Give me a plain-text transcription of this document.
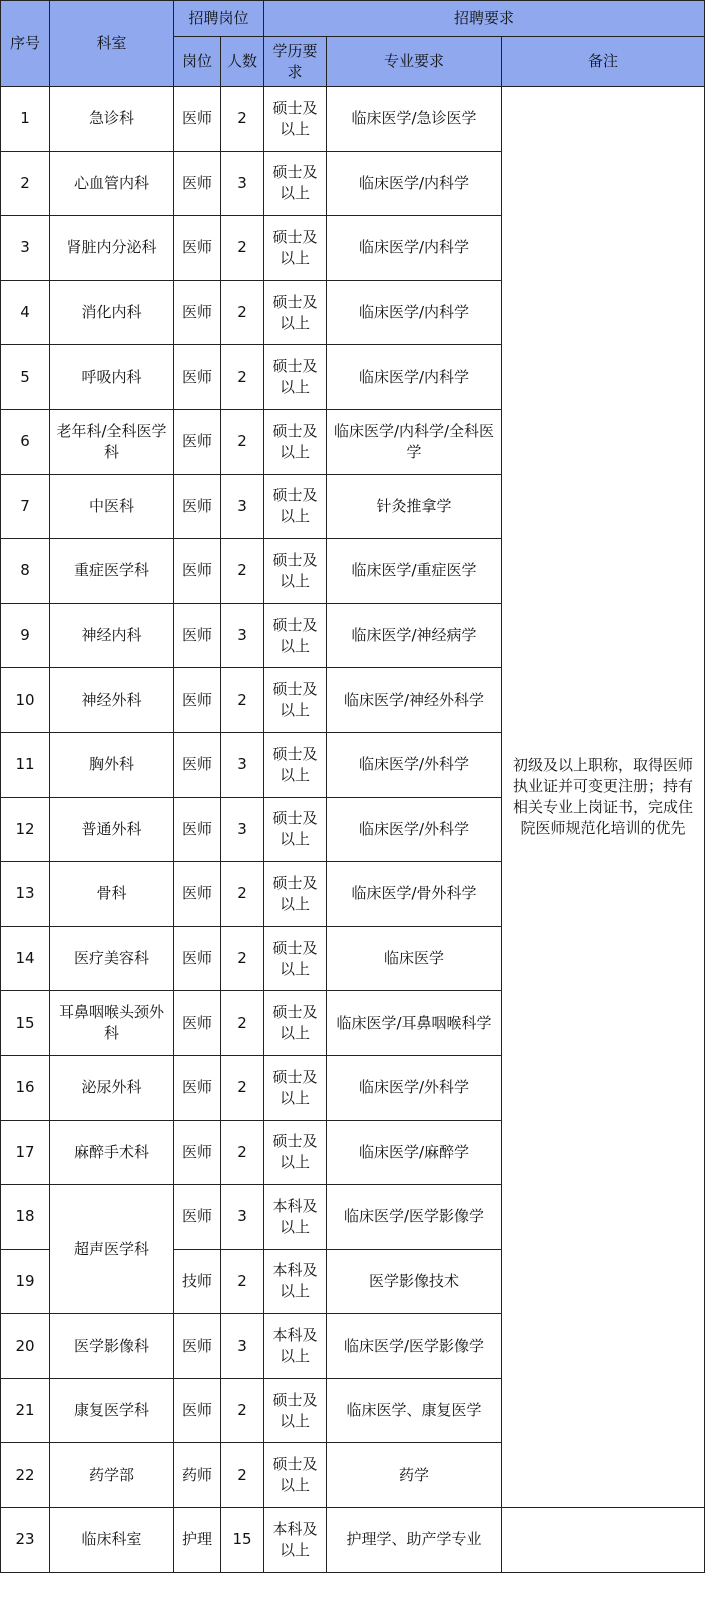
序号	科室	招聘岗位		招聘要求		
		岗位	人数	学历要求	专业要求	备注
1	急诊科	医师	2	硕士及以上	临床医学/急诊医学	初级及以上职称，取得医师执业证并可变更注册；持有相关专业上岗证书，完成住院医师规范化培训的优先
2	心血管内科	医师	3	硕士及以上	临床医学/内科学	
3	肾脏内分泌科	医师	2	硕士及以上	临床医学/内科学	
4	消化内科	医师	2	硕士及以上	临床医学/内科学	
5	呼吸内科	医师	2	硕士及以上	临床医学/内科学	
6	老年科/全科医学科	医师	2	硕士及以上	临床医学/内科学/全科医学	
7	中医科	医师	3	硕士及以上	针灸推拿学	
8	重症医学科	医师	2	硕士及以上	临床医学/重症医学	
9	神经内科	医师	3	硕士及以上	临床医学/神经病学	
10	神经外科	医师	2	硕士及以上	临床医学/神经外科学	
11	胸外科	医师	3	硕士及以上	临床医学/外科学	
12	普通外科	医师	3	硕士及以上	临床医学/外科学	
13	骨科	医师	2	硕士及以上	临床医学/骨外科学	
14	医疗美容科	医师	2	硕士及以上	临床医学	
15	耳鼻咽喉头颈外科	医师	2	硕士及以上	临床医学/耳鼻咽喉科学	
16	泌尿外科	医师	2	硕士及以上	临床医学/外科学	
17	麻醉手术科	医师	2	硕士及以上	临床医学/麻醉学	
18	超声医学科	医师	3	本科及以上	临床医学/医学影像学	
19		技师	2	本科及以上	医学影像技术	
20	医学影像科	医师	3	本科及以上	临床医学/医学影像学	
21	康复医学科	医师	2	硕士及以上	临床医学、康复医学	
22	药学部	药师	2	硕士及以上	药学	
23	临床科室	护理	15	本科及以上	护理学、助产学专业	
